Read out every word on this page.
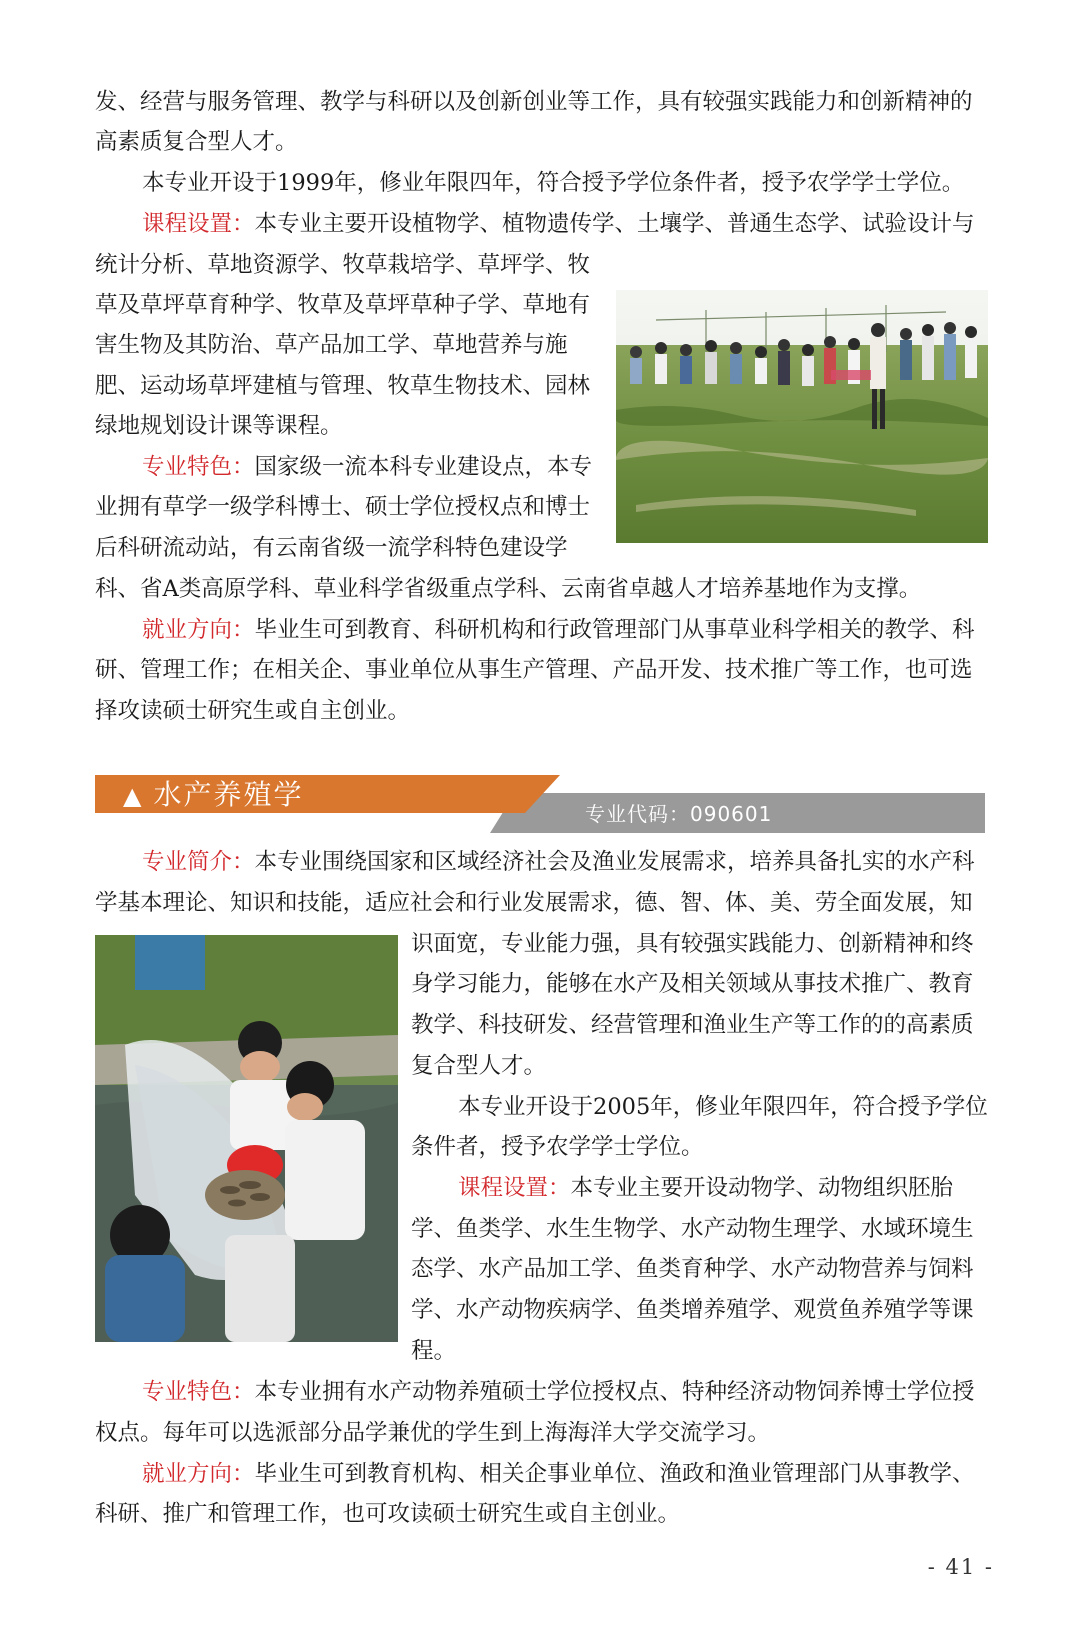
发、经营与服务管理、教学与科研以及创新创业等工作，具有较强实践能力和创新精神的
高素质复合型人才。
本专业开设于1999年，修业年限四年，符合授予学位条件者，授予农学学士学位。
课程设置：本专业主要开设植物学、植物遗传学、土壤学、普通生态学、试验设计与
统计分析、草地资源学、牧草栽培学、草坪学、牧
草及草坪草育种学、牧草及草坪草种子学、草地有
害生物及其防治、草产品加工学、草地营养与施
肥、运动场草坪建植与管理、牧草生物技术、园林
绿地规划设计课等课程。
专业特色：国家级一流本科专业建设点，本专
业拥有草学一级学科博士、硕士学位授权点和博士
后科研流动站，有云南省级一流学科特色建设学
科、省A类高原学科、草业科学省级重点学科、云南省卓越人才培养基地作为支撑。
就业方向：毕业生可到教育、科研机构和行政管理部门从事草业科学相关的教学、科
研、管理工作；在相关企、事业单位从事生产管理、产品开发、技术推广等工作，也可选
择攻读硕士研究生或自主创业。
▲ 水产养殖学
专业代码：090601
专业简介：本专业围绕国家和区域经济社会及渔业发展需求，培养具备扎实的水产科
学基本理论、知识和技能，适应社会和行业发展需求，德、智、体、美、劳全面发展，知
识面宽，专业能力强，具有较强实践能力、创新精神和终
身学习能力，能够在水产及相关领域从事技术推广、教育
教学、科技研发、经营管理和渔业生产等工作的的高素质
复合型人才。
本专业开设于2005年，修业年限四年，符合授予学位
条件者，授予农学学士学位。
课程设置：本专业主要开设动物学、动物组织胚胎
学、鱼类学、水生生物学、水产动物生理学、水域环境生
态学、水产品加工学、鱼类育种学、水产动物营养与饲料
学、水产动物疾病学、鱼类增养殖学、观赏鱼养殖学等课
程。
专业特色：本专业拥有水产动物养殖硕士学位授权点、特种经济动物饲养博士学位授
权点。每年可以选派部分品学兼优的学生到上海海洋大学交流学习。
就业方向：毕业生可到教育机构、相关企事业单位、渔政和渔业管理部门从事教学、
科研、推广和管理工作，也可攻读硕士研究生或自主创业。
- 41 -
